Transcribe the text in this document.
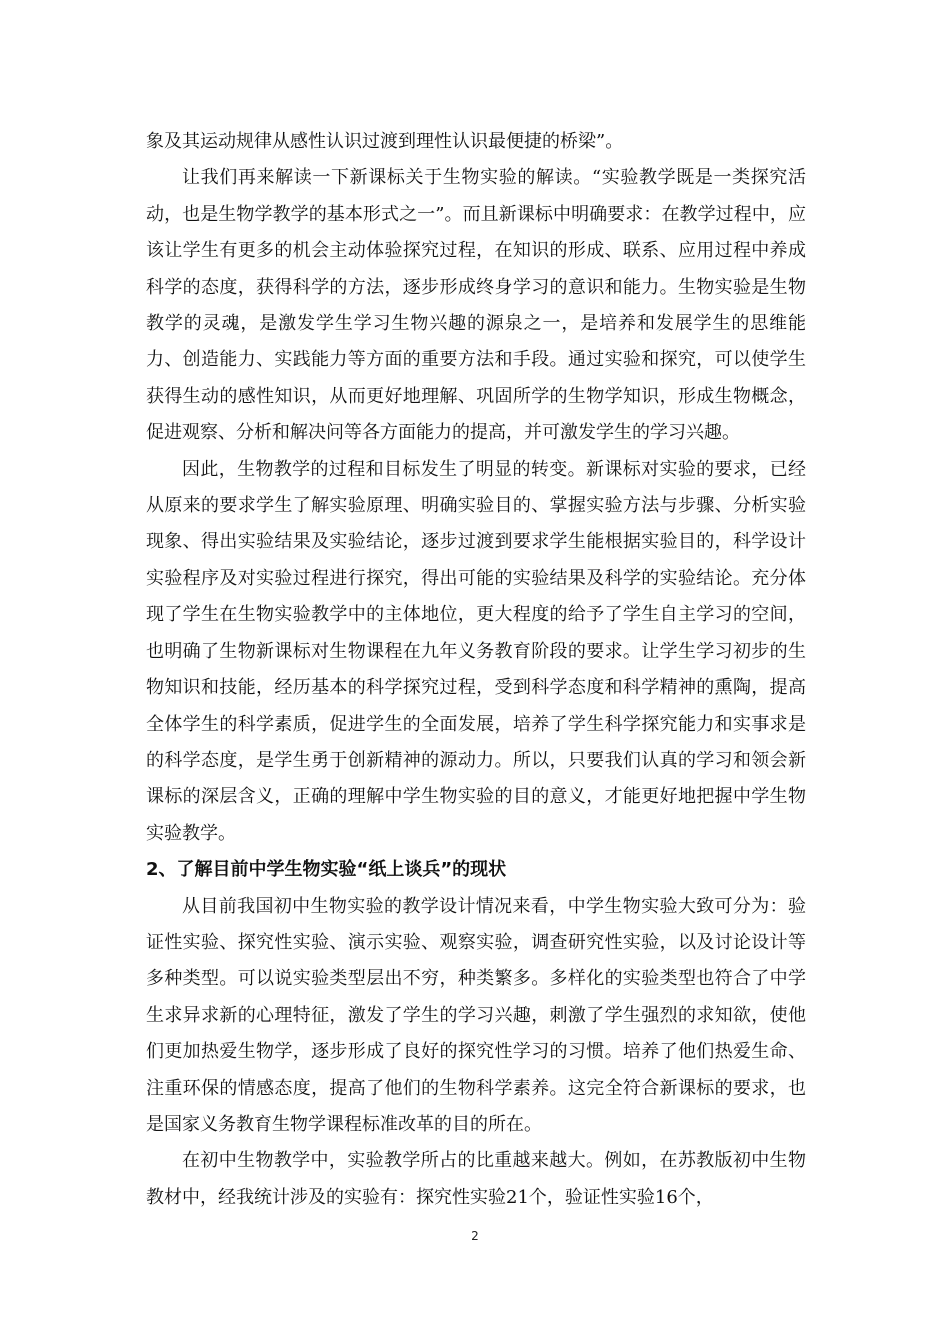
象及其运动规律从感性认识过渡到理性认识最便捷的桥梁”。

让我们再来解读一下新课标关于生物实验的解读。“实验教学既是一类探究活动，也是生物学教学的基本形式之一”。而且新课标中明确要求：在教学过程中，应该让学生有更多的机会主动体验探究过程，在知识的形成、联系、应用过程中养成科学的态度，获得科学的方法，逐步形成终身学习的意识和能力。生物实验是生物教学的灵魂，是激发学生学习生物兴趣的源泉之一，是培养和发展学生的思维能力、创造能力、实践能力等方面的重要方法和手段。通过实验和探究，可以使学生获得生动的感性知识，从而更好地理解、巩固所学的生物学知识，形成生物概念，促进观察、分析和解决问等各方面能力的提高，并可激发学生的学习兴趣。

因此，生物教学的过程和目标发生了明显的转变。新课标对实验的要求，已经从原来的要求学生了解实验原理、明确实验目的、掌握实验方法与步骤、分析实验现象、得出实验结果及实验结论，逐步过渡到要求学生能根据实验目的，科学设计实验程序及对实验过程进行探究，得出可能的实验结果及科学的实验结论。充分体现了学生在生物实验教学中的主体地位，更大程度的给予了学生自主学习的空间，也明确了生物新课标对生物课程在九年义务教育阶段的要求。让学生学习初步的生物知识和技能，经历基本的科学探究过程，受到科学态度和科学精神的熏陶，提高全体学生的科学素质，促进学生的全面发展，培养了学生科学探究能力和实事求是的科学态度，是学生勇于创新精神的源动力。所以，只要我们认真的学习和领会新课标的深层含义，正确的理解中学生物实验的目的意义，才能更好地把握中学生物实验教学。

2、了解目前中学生物实验“纸上谈兵”的现状

从目前我国初中生物实验的教学设计情况来看，中学生物实验大致可分为：验证性实验、探究性实验、演示实验、观察实验，调查研究性实验，以及讨论设计等多种类型。可以说实验类型层出不穷，种类繁多。多样化的实验类型也符合了中学生求异求新的心理特征，激发了学生的学习兴趣，刺激了学生强烈的求知欲，使他们更加热爱生物学，逐步形成了良好的探究性学习的习惯。培养了他们热爱生命、注重环保的情感态度，提高了他们的生物科学素养。这完全符合新课标的要求，也是国家义务教育生物学课程标准改革的目的所在。

在初中生物教学中，实验教学所占的比重越来越大。例如，在苏教版初中生物教材中，经我统计涉及的实验有：探究性实验21个，验证性实验16个，

2
